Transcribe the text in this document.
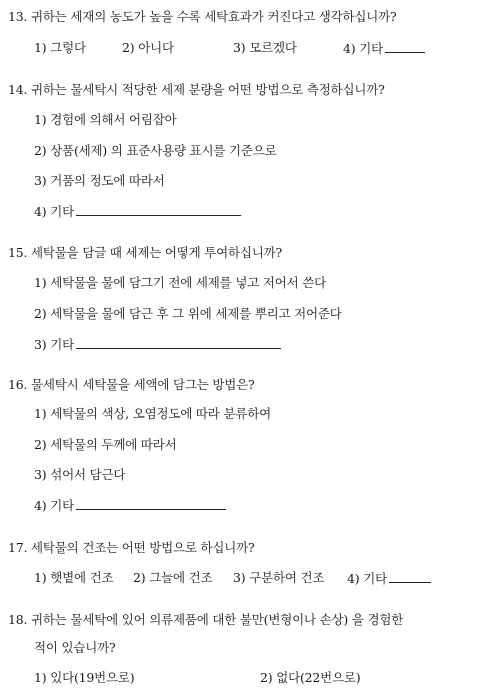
13. 귀하는 세재의 농도가 높을 수록 세탁효과가 커진다고 생각하십니까?
1) 그렇다	2) 아니다	3) 모르겠다	4) 기타
14. 귀하는 물세탁시 적당한 세제 분량을 어떤 방법으로 측정하십니까?
1) 경험에 의해서 어림잡아
2) 상품(세제) 의 표준사용량 표시를 기준으로
3) 거품의 정도에 따라서
4) 기타
15. 세탁물을 담글 때 세제는 어떻게 투여하십니까?
1) 세탁물을 물에 담그기 전에 세제를 넣고 저어서 쓴다
2) 세탁물을 물에 담근 후 그 위에 세제를 뿌리고 저어준다
3) 기타
16. 물세탁시 세탁물을 세액에 담그는 방법은?
1) 세탁물의 색상, 오염정도에 따라 분류하여
2) 세탁물의 두께에 따라서
3) 섞어서 담근다
4) 기타
17. 세탁물의 건조는 어떤 방법으로 하십니까?
1) 햇볕에 건조 2) 그늘에 건조 3) 구분하여 건조 4) 기타
18. 귀하는 물세탁에 있어 의류제품에 대한 불만(변형이나 손상) 을 경험한
적이 있습니까?
1) 있다(19번으로)	2) 없다(22번으로)
